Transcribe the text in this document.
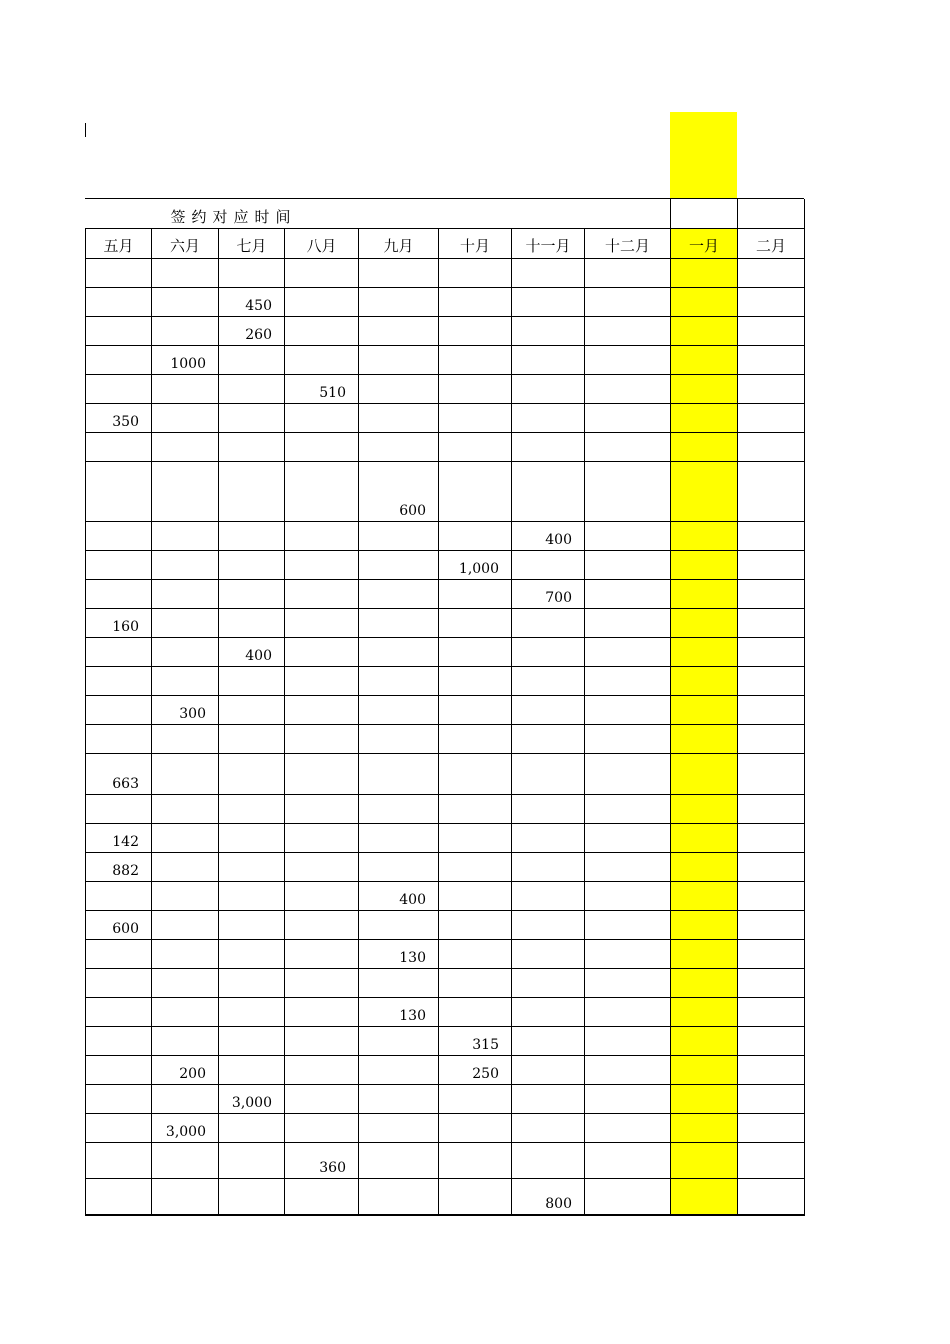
签约对应时间									
五月	六月	七月	八月	九月	十月	十一月	十二月	一月	二月

		450							
		260							
	1000								
			510						
350									

				600					
						400			
					1,000				
						700			
160									
		400							

	300								

663									

142									
882									
				400					
600									
				130					

				130					
					315				
	200				250				
		3,000							
	3,000								
			360						
						800			
